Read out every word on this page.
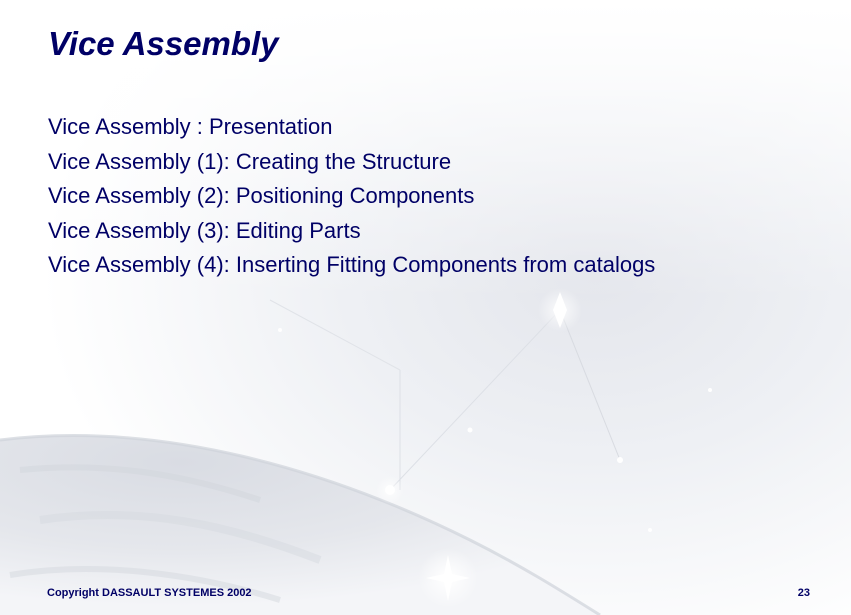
Vice Assembly
Vice Assembly : Presentation
Vice Assembly (1): Creating the Structure
Vice Assembly (2): Positioning Components
Vice Assembly (3): Editing Parts
Vice Assembly (4): Inserting Fitting Components from catalogs
Copyright DASSAULT SYSTEMES 2002	23
